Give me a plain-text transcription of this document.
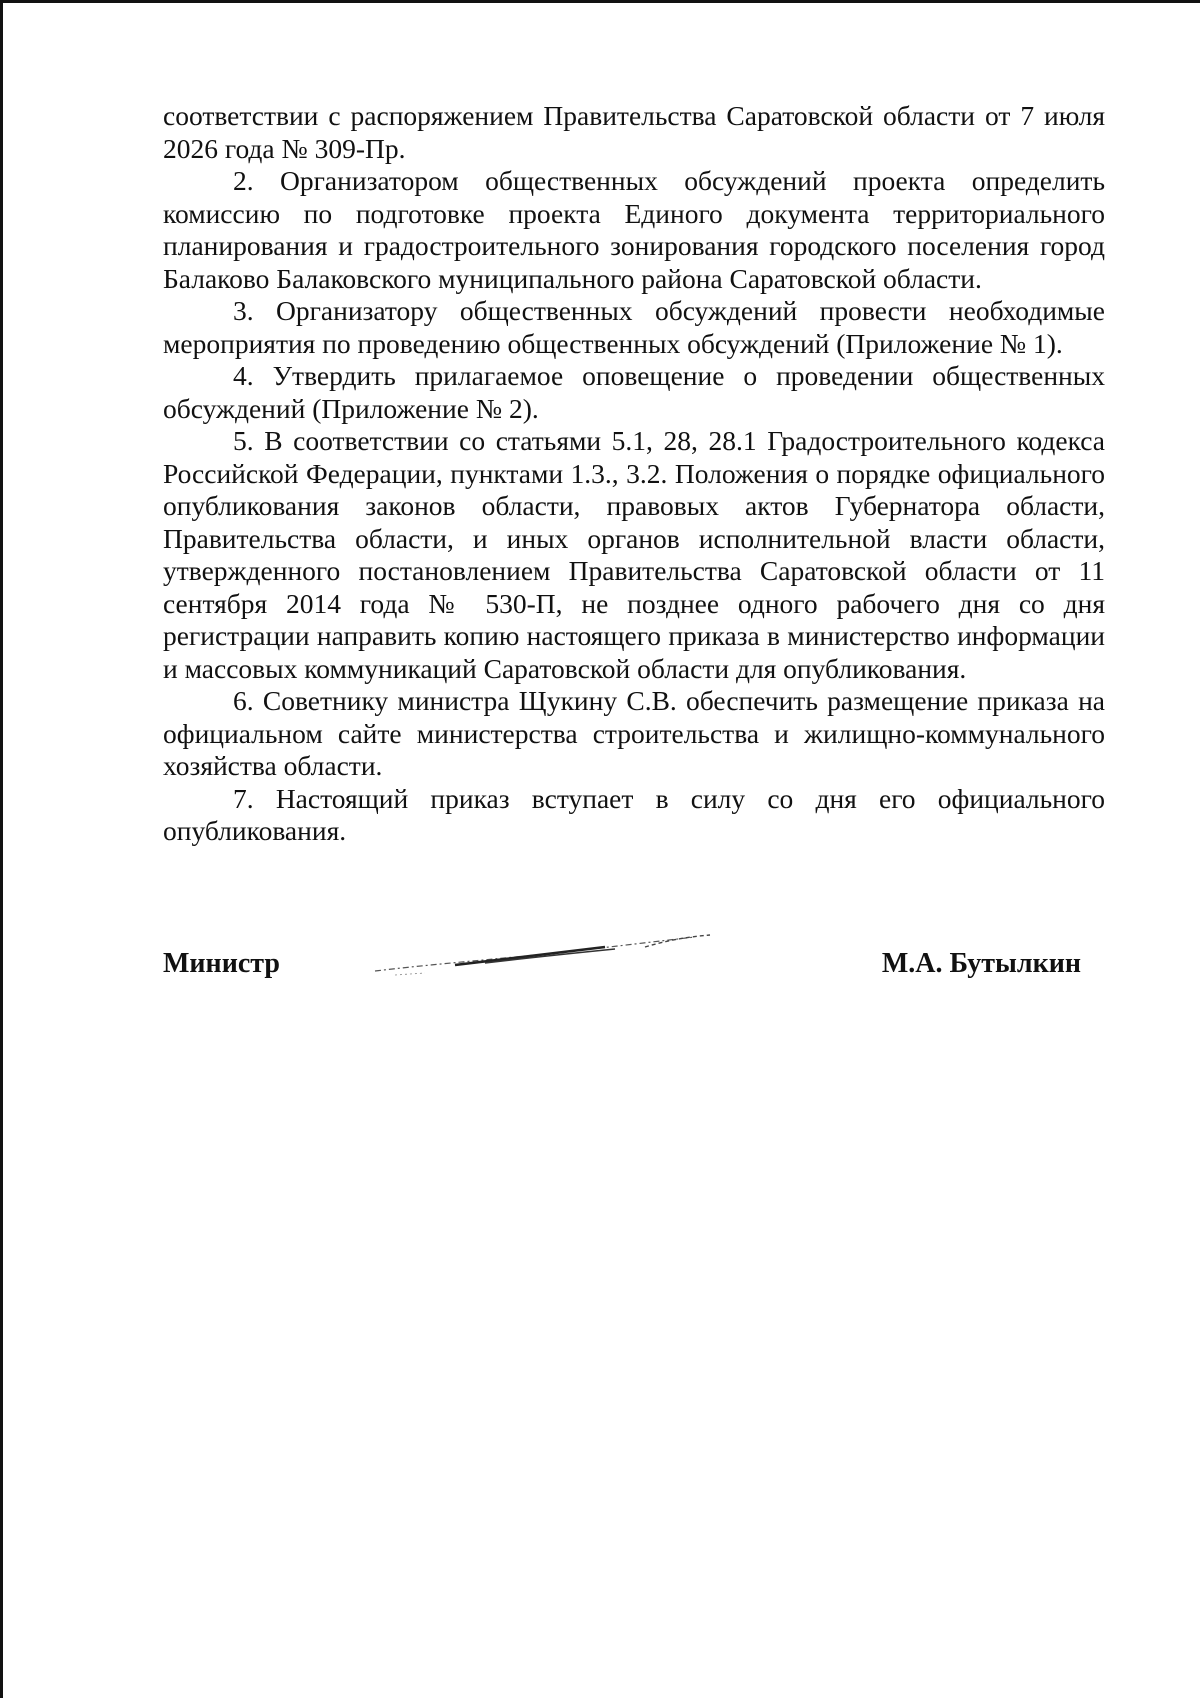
соответствии с распоряжением Правительства Саратовской области от 7 июля 2026 года № 309-Пр.

2. Организатором общественных обсуждений проекта определить комиссию по подготовке проекта Единого документа территориального планирования и градостроительного зонирования городского поселения город Балаково Балаковского муниципального района Саратовской области.

3. Организатору общественных обсуждений провести необходимые мероприятия по проведению общественных обсуждений (Приложение № 1).

4. Утвердить прилагаемое оповещение о проведении общественных обсуждений (Приложение № 2).

5. В соответствии со статьями 5.1, 28, 28.1 Градостроительного кодекса Российской Федерации, пунктами 1.3., 3.2. Положения о порядке официального опубликования законов области, правовых актов Губернатора области, Правительства области, и иных органов исполнительной власти области, утвержденного постановлением Правительства Саратовской области от 11 сентября 2014 года № 530-П, не позднее одного рабочего дня со дня регистрации направить копию настоящего приказа в министерство информации и массовых коммуникаций Саратовской области для опубликования.

6. Советнику министра Щукину С.В. обеспечить размещение приказа на официальном сайте министерства строительства и жилищно-коммунального хозяйства области.

7. Настоящий приказ вступает в силу со дня его официального опубликования.

Министр	М.А. Бутылкин
